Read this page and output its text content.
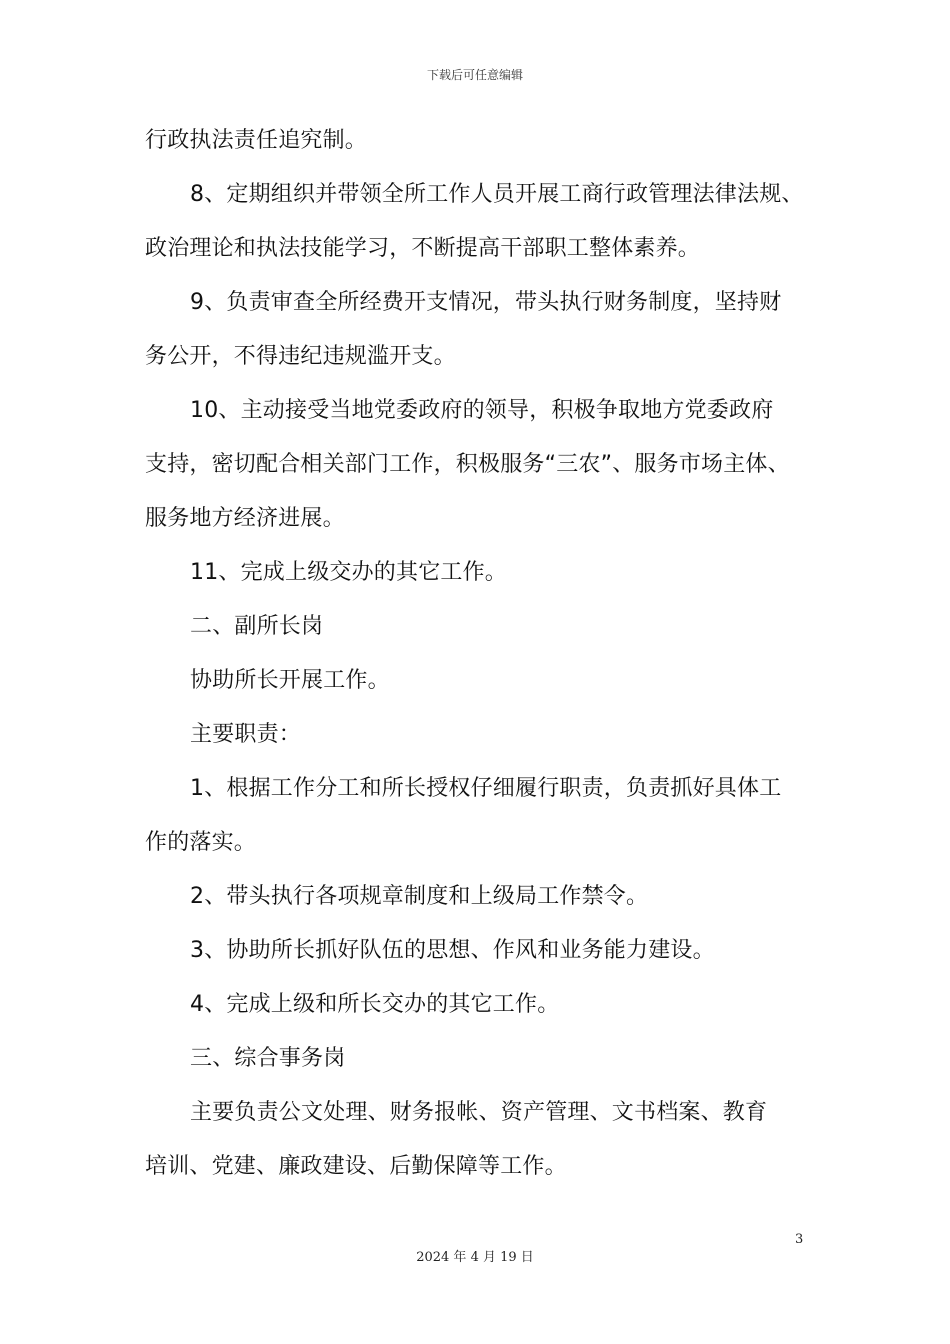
下载后可任意编辑
行政执法责任追究制。
8、定期组织并带领全所工作人员开展工商行政管理法律法规、
政治理论和执法技能学习，不断提高干部职工整体素养。
9、负责审查全所经费开支情况，带头执行财务制度，坚持财
务公开，不得违纪违规滥开支。
10、主动接受当地党委政府的领导，积极争取地方党委政府
支持，密切配合相关部门工作，积极服务“三农”、服务市场主体、
服务地方经济进展。
11、完成上级交办的其它工作。
二、副所长岗
协助所长开展工作。
主要职责：
1、根据工作分工和所长授权仔细履行职责，负责抓好具体工
作的落实。
2、带头执行各项规章制度和上级局工作禁令。
3、协助所长抓好队伍的思想、作风和业务能力建设。
4、完成上级和所长交办的其它工作。
三、综合事务岗
主要负责公文处理、财务报帐、资产管理、文书档案、教育
培训、党建、廉政建设、后勤保障等工作。
3
2024 年 4 月 19 日
